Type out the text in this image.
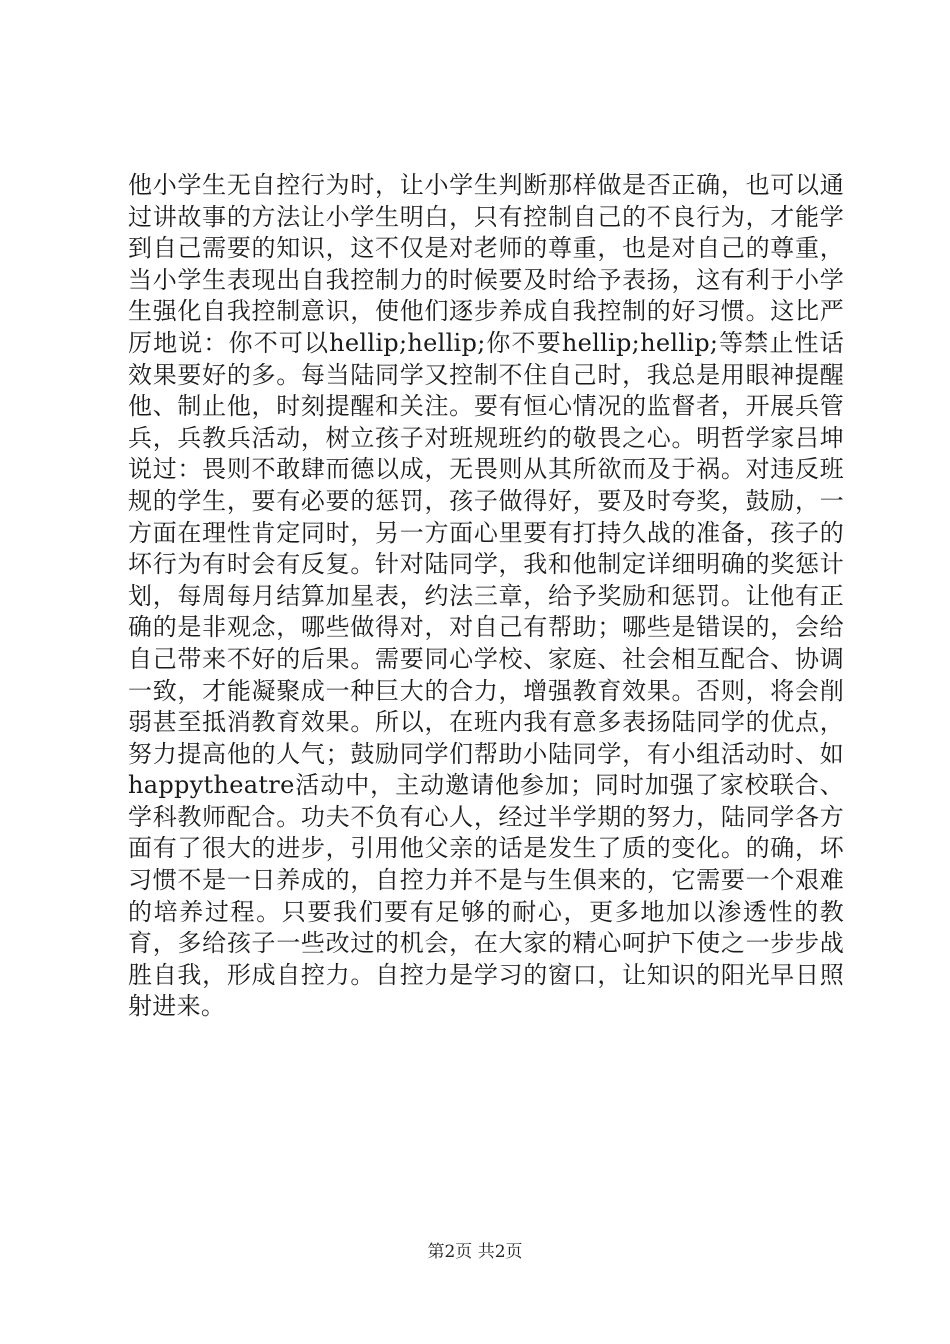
他小学生无自控行为时，让小学生判断那样做是否正确，也可以通过讲故事的方法让小学生明白，只有控制自己的不良行为，才能学到自己需要的知识，这不仅是对老师的尊重，也是对自己的尊重，当小学生表现出自我控制力的时候要及时给予表扬，这有利于小学生强化自我控制意识，使他们逐步养成自我控制的好习惯。这比严厉地说：你不可以hellip;hellip;你不要hellip;hellip;等禁止性话效果要好的多。每当陆同学又控制不住自己时，我总是用眼神提醒他、制止他，时刻提醒和关注。要有恒心情况的监督者，开展兵管兵，兵教兵活动，树立孩子对班规班约的敬畏之心。明哲学家吕坤说过：畏则不敢肆而德以成，无畏则从其所欲而及于祸。对违反班规的学生，要有必要的惩罚，孩子做得好，要及时夸奖，鼓励，一方面在理性肯定同时，另一方面心里要有打持久战的准备，孩子的坏行为有时会有反复。针对陆同学，我和他制定详细明确的奖惩计划，每周每月结算加星表，约法三章，给予奖励和惩罚。让他有正确的是非观念，哪些做得对，对自己有帮助；哪些是错误的，会给自己带来不好的后果。需要同心学校、家庭、社会相互配合、协调一致，才能凝聚成一种巨大的合力，增强教育效果。否则，将会削弱甚至抵消教育效果。所以，在班内我有意多表扬陆同学的优点，努力提高他的人气；鼓励同学们帮助小陆同学，有小组活动时、如happytheatre活动中，主动邀请他参加；同时加强了家校联合、学科教师配合。功夫不负有心人，经过半学期的努力，陆同学各方面有了很大的进步，引用他父亲的话是发生了质的变化。的确，坏习惯不是一日养成的，自控力并不是与生俱来的，它需要一个艰难的培养过程。只要我们要有足够的耐心，更多地加以渗透性的教育，多给孩子一些改过的机会，在大家的精心呵护下使之一步步战胜自我，形成自控力。自控力是学习的窗口，让知识的阳光早日照射进来。

第2页 共2页
